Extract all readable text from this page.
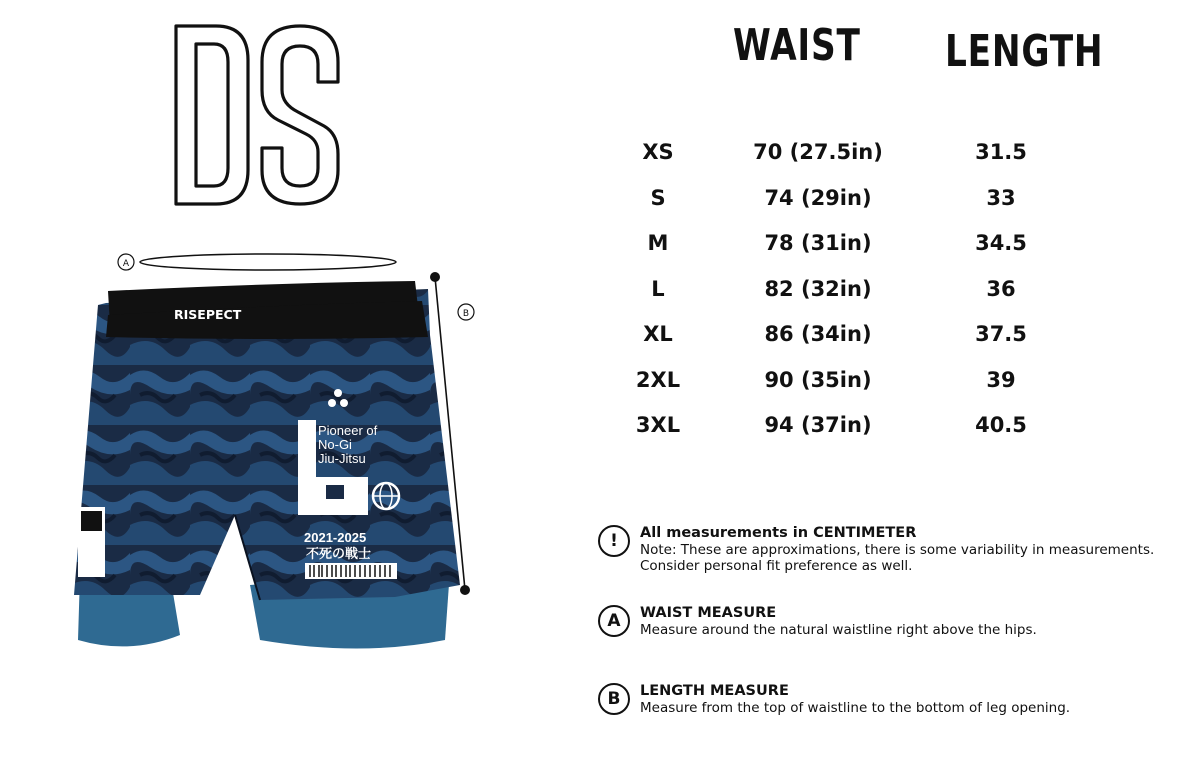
DS
A
B
RISEPECT
Pioneer of
No-Gi
Jiu-Jitsu
2021-2025
不死の戦士
WAIST LENGTH
XS	70 (27.5in)	31.5
S	74 (29in)	33
M	78 (31in)	34.5
L	82 (32in)	36
XL	86 (34in)	37.5
2XL	90 (35in)	39
3XL	94 (37in)	40.5
!	All measurements in CENTIMETER
Note: These are approximations, there is some variability in measurements.
Consider personal fit preference as well.
A	WAIST MEASURE
Measure around the natural waistline right above the hips.
B	LENGTH MEASURE
Measure from the top of waistline to the bottom of leg opening.
